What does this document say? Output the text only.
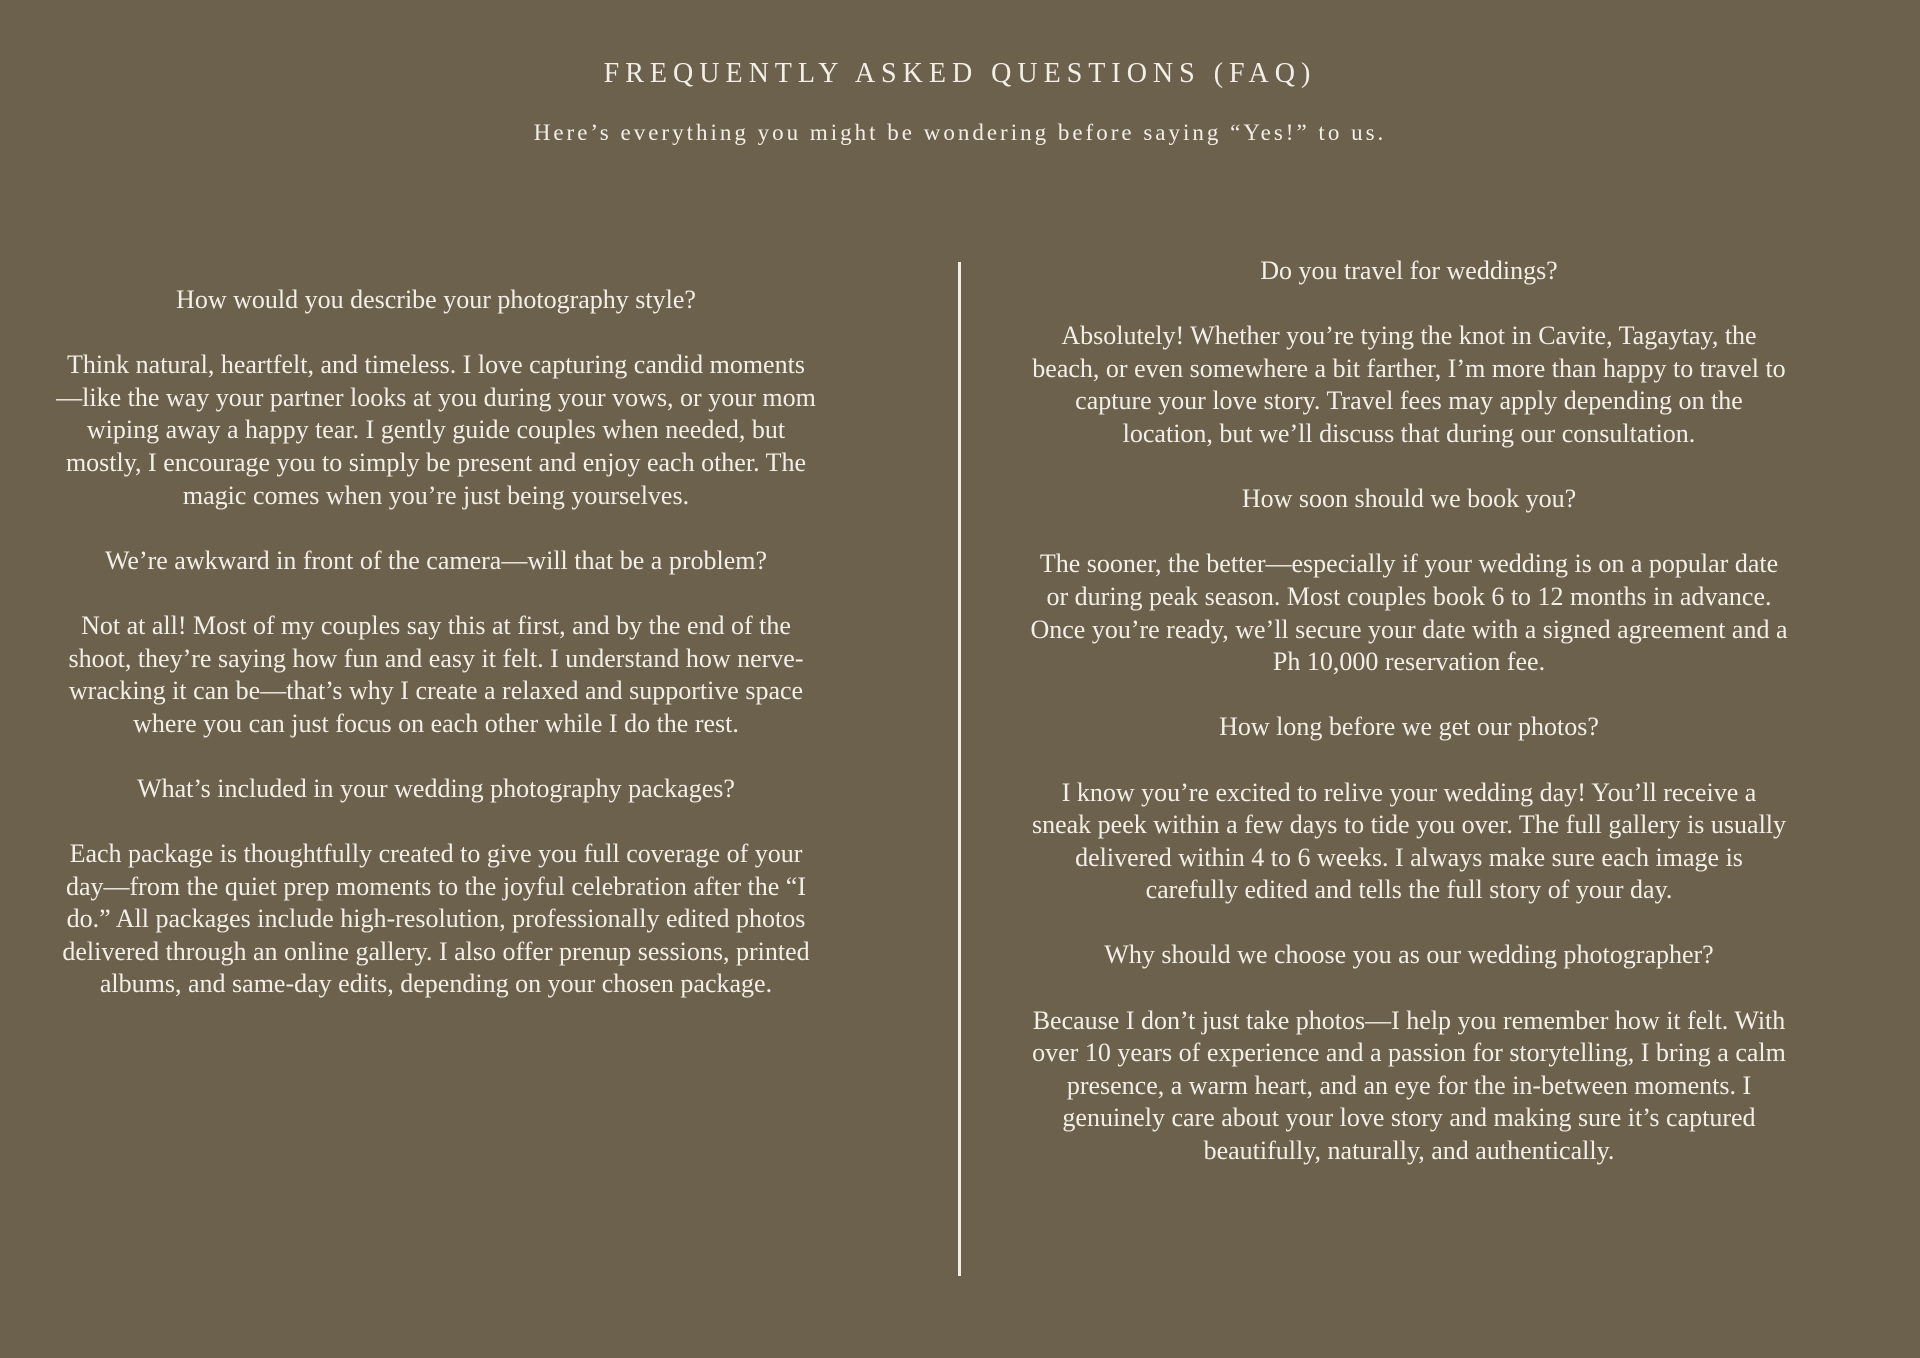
FREQUENTLY ASKED QUESTIONS (FAQ)

Here’s everything you might be wondering before saying “Yes!” to us.

How would you describe your photography style?

Think natural, heartfelt, and timeless. I love capturing candid moments—like the way your partner looks at you during your vows, or your mom wiping away a happy tear. I gently guide couples when needed, but mostly, I encourage you to simply be present and enjoy each other. The magic comes when you’re just being yourselves.

We’re awkward in front of the camera—will that be a problem?

Not at all! Most of my couples say this at first, and by the end of the shoot, they’re saying how fun and easy it felt. I understand how nerve-wracking it can be—that’s why I create a relaxed and supportive space where you can just focus on each other while I do the rest.

What’s included in your wedding photography packages?

Each package is thoughtfully created to give you full coverage of your day—from the quiet prep moments to the joyful celebration after the “I do.” All packages include high-resolution, professionally edited photos delivered through an online gallery. I also offer prenup sessions, printed albums, and same-day edits, depending on your chosen package.

Do you travel for weddings?

Absolutely! Whether you’re tying the knot in Cavite, Tagaytay, the beach, or even somewhere a bit farther, I’m more than happy to travel to capture your love story. Travel fees may apply depending on the location, but we’ll discuss that during our consultation.

How soon should we book you?

The sooner, the better—especially if your wedding is on a popular date or during peak season. Most couples book 6 to 12 months in advance. Once you’re ready, we’ll secure your date with a signed agreement and a Ph 10,000 reservation fee.

How long before we get our photos?

I know you’re excited to relive your wedding day! You’ll receive a sneak peek within a few days to tide you over. The full gallery is usually delivered within 4 to 6 weeks. I always make sure each image is carefully edited and tells the full story of your day.

Why should we choose you as our wedding photographer?

Because I don’t just take photos—I help you remember how it felt. With over 10 years of experience and a passion for storytelling, I bring a calm presence, a warm heart, and an eye for the in-between moments. I genuinely care about your love story and making sure it’s captured beautifully, naturally, and authentically.
